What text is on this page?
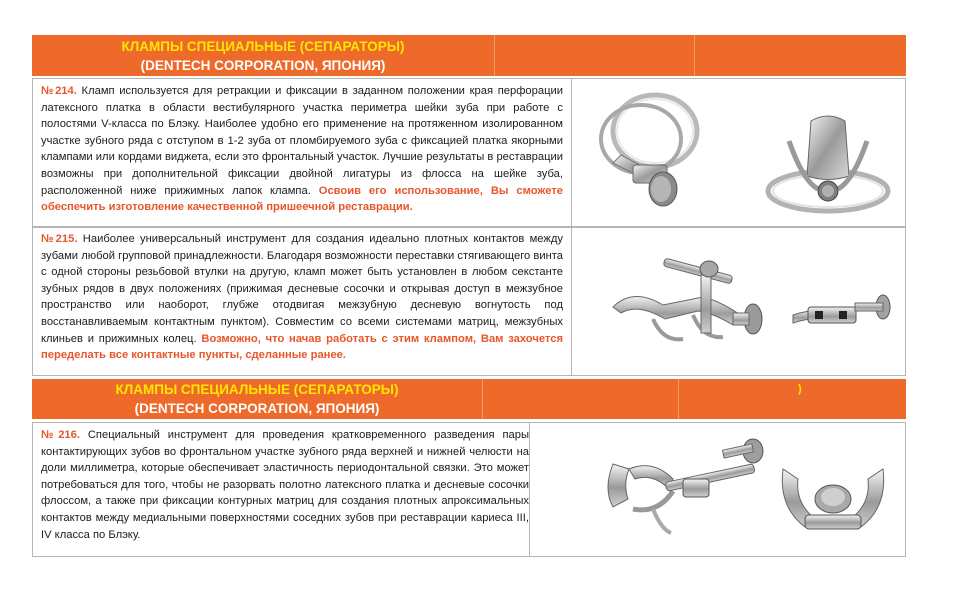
КЛАМПЫ СПЕЦИАЛЬНЫЕ (СЕПАРАТОРЫ)
(DENTECH CORPORATION, ЯПОНИЯ)
№214. Кламп используется для ретракции и фиксации в заданном положении края перфорации латексного платка в области вестибулярного участка периметра шейки зуба при работе с полостями V-класса по Блэку. Наиболее удобно его применение на протяженном изолированном участке зубного ряда с отступом в 1-2 зуба от пломбируемого зуба с фиксацией платка якорными клампами или кордами виджета, если это фронтальный участок. Лучшие результаты в реставрации возможны при дополнительной фиксации двойной лигатуры из флосса на шейке зуба, расположенной ниже прижимных лапок клампа. Освоив его использование, Вы сможете обеспечить изготовление качественной пришеечной реставрации.
№215. Наиболее универсальный инструмент для создания идеально плотных контактов между зубами любой групповой принадлежности. Благодаря возможности переставки стягивающего винта с одной стороны резьбовой втулки на другую, кламп может быть установлен в любом секстанте зубных рядов в двух положениях (прижимая десневые сосочки и открывая доступ в межзубное пространство или наоборот, глубже отодвигая межзубную десневую вогнутость под восстанавливаемым контактным пунктом). Совместим со всеми системами матриц, межзубных клиньев и прижимных колец. Возможно, что начав работать с этим клампом, Вам захочется переделать все контактные пункты, сделанные ранее.
КЛАМПЫ СПЕЦИАЛЬНЫЕ (СЕПАРАТОРЫ)
(DENTECH CORPORATION, ЯПОНИЯ)
)
№216. Специальный инструмент для проведения кратковременного разведения пары контактирующих зубов во фронтальном участке зубного ряда верхней и нижней челюсти на доли миллиметра, которые обеспечивает эластичность периодонтальной связки. Это может потребоваться для того, чтобы не разорвать полотно латексного платка и десневые сосочки флоссом, а также при фиксации контурных матриц для создания плотных апроксимальных контактов между медиальными поверхностями соседних зубов при реставрации кариеса III, IV класса по Блэку.
